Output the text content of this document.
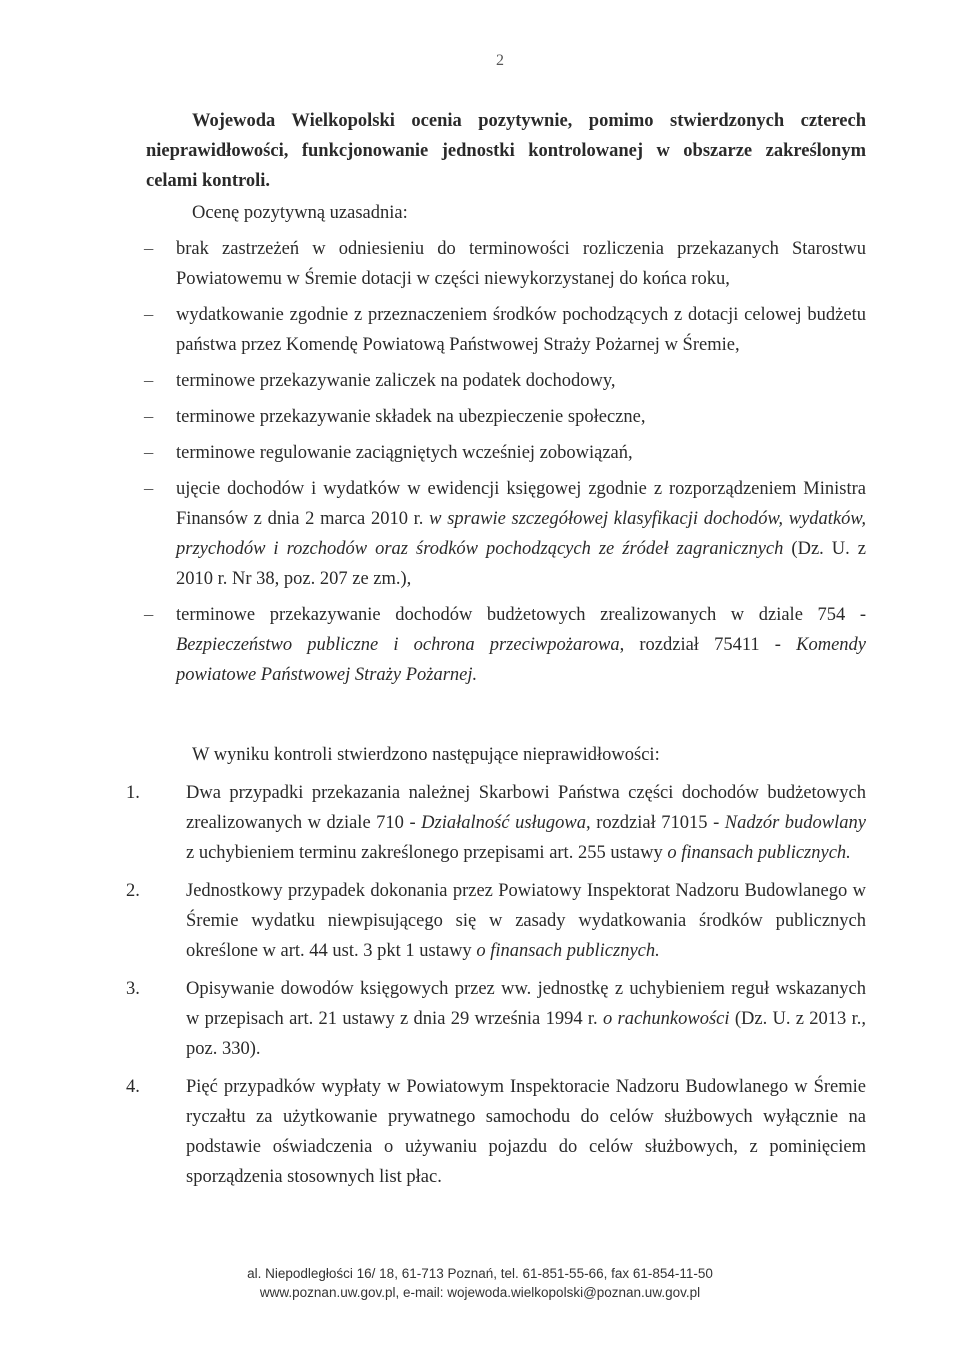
2

Wojewoda Wielkopolski ocenia pozytywnie, pomimo stwierdzonych czterech nieprawidłowości, funkcjonowanie jednostki kontrolowanej w obszarze zakreślonym celami kontroli.

Ocenę pozytywną uzasadnia:

– brak zastrzeżeń w odniesieniu do terminowości rozliczenia przekazanych Starostwu Powiatowemu w Śremie dotacji w części niewykorzystanej do końca roku,
– wydatkowanie zgodnie z przeznaczeniem środków pochodzących z dotacji celowej budżetu państwa przez Komendę Powiatową Państwowej Straży Pożarnej w Śremie,
– terminowe przekazywanie zaliczek na podatek dochodowy,
– terminowe przekazywanie składek na ubezpieczenie społeczne,
– terminowe regulowanie zaciągniętych wcześniej zobowiązań,
– ujęcie dochodów i wydatków w ewidencji księgowej zgodnie z rozporządzeniem Ministra Finansów z dnia 2 marca 2010 r. w sprawie szczegółowej klasyfikacji dochodów, wydatków, przychodów i rozchodów oraz środków pochodzących ze źródeł zagranicznych (Dz. U. z 2010 r. Nr 38, poz. 207 ze zm.),
– terminowe przekazywanie dochodów budżetowych zrealizowanych w dziale 754 - Bezpieczeństwo publiczne i ochrona przeciwpożarowa, rozdział 75411 - Komendy powiatowe Państwowej Straży Pożarnej.

W wyniku kontroli stwierdzono następujące nieprawidłowości:

1. Dwa przypadki przekazania należnej Skarbowi Państwa części dochodów budżetowych zrealizowanych w dziale 710 - Działalność usługowa, rozdział 71015 - Nadzór budowlany z uchybieniem terminu zakreślonego przepisami art. 255 ustawy o finansach publicznych.
2. Jednostkowy przypadek dokonania przez Powiatowy Inspektorat Nadzoru Budowlanego w Śremie wydatku niewpisującego się w zasady wydatkowania środków publicznych określone w art. 44 ust. 3 pkt 1 ustawy o finansach publicznych.
3. Opisywanie dowodów księgowych przez ww. jednostkę z uchybieniem reguł wskazanych w przepisach art. 21 ustawy z dnia 29 września 1994 r. o rachunkowości (Dz. U. z 2013 r., poz. 330).
4. Pięć przypadków wypłaty w Powiatowym Inspektoracie Nadzoru Budowlanego w Śremie ryczałtu za użytkowanie prywatnego samochodu do celów służbowych wyłącznie na podstawie oświadczenia o używaniu pojazdu do celów służbowych, z pominięciem sporządzenia stosownych list płac.
al. Niepodległości 16/ 18, 61-713 Poznań, tel. 61-851-55-66, fax 61-854-11-50
www.poznan.uw.gov.pl, e-mail: wojewoda.wielkopolski@poznan.uw.gov.pl
